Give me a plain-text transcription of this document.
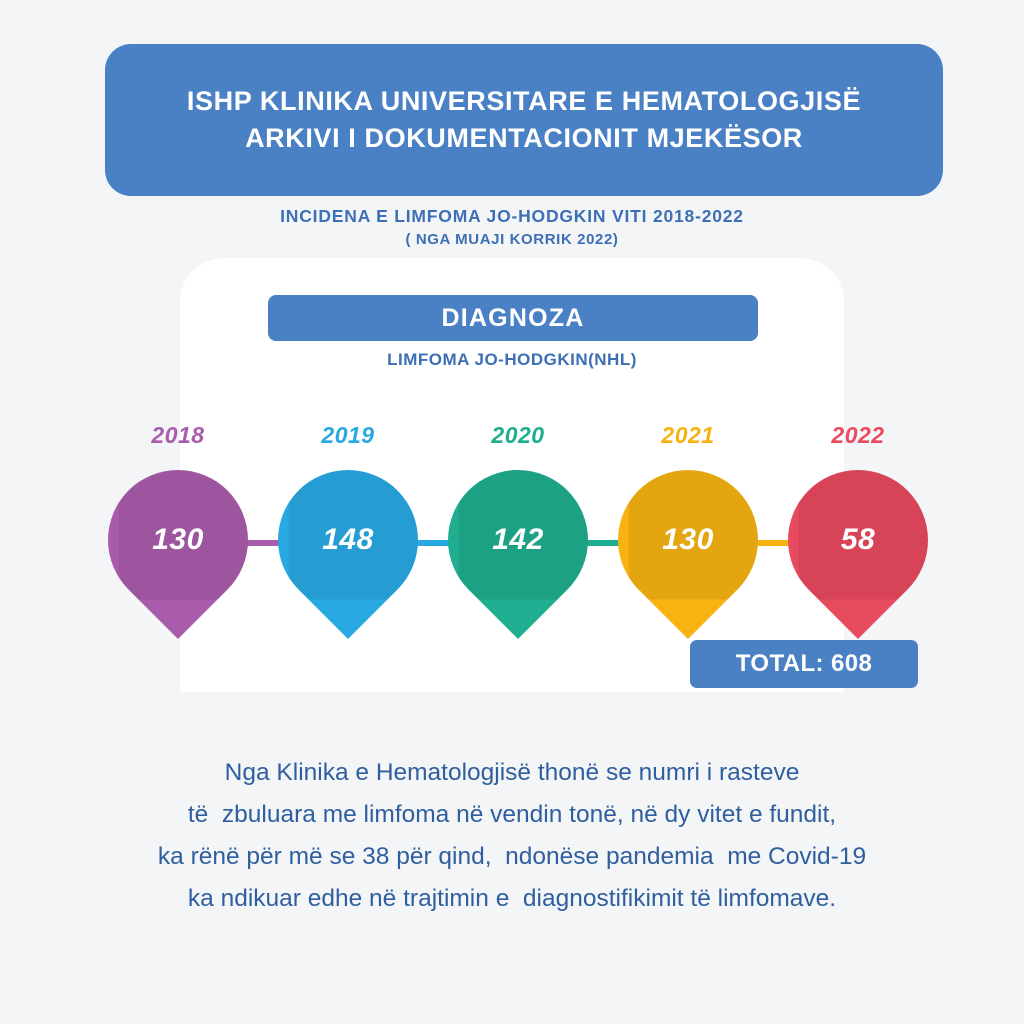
ISHP KLINIKA UNIVERSITARE E HEMATOLOGJISË
ARKIVI I DOKUMENTACIONIT MJEKËSOR
INCIDENA E LIMFOMA JO-HODGKIN VITI 2018-2022
( NGA MUAJI KORRIK 2022)
DIAGNOZA
LIMFOMA JO-HODGKIN(NHL)
TOTAL: 608
Nga Klinika e Hematologjisë thonë se numri i rasteve
të  zbuluara me limfoma në vendin tonë, në dy vitet e fundit,
ka rënë për më se 38 për qind,  ndonëse pandemia  me Covid-19
ka ndikuar edhe në trajtimin e  diagnostifikimit të limfomave.
130
2018
148
2019
142
2020
130
2021
58
2022
